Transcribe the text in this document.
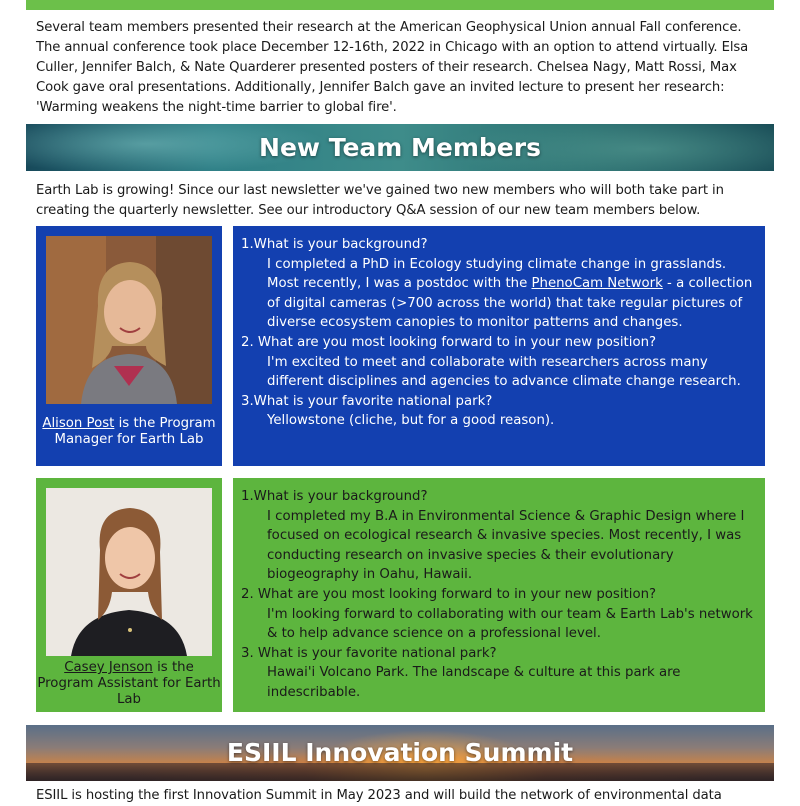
Several team members presented their research at the American Geophysical Union annual Fall conference. The annual conference took place December 12-16th, 2022 in Chicago with an option to attend virtually. Elsa Culler, Jennifer Balch, & Nate Quarderer presented posters of their research. Chelsea Nagy, Matt Rossi, Max Cook gave oral presentations. Additionally, Jennifer Balch gave an invited lecture to present her research: 'Warming weakens the night-time barrier to global fire'.
New Team Members
Earth Lab is growing! Since our last newsletter we've gained two new members who will both take part in creating the quarterly newsletter. See our introductory Q&A session of our new team members below.
Alison Post is the Program Manager for Earth Lab

1.What is your background?

I completed a PhD in Ecology studying climate change in grasslands. Most recently, I was a postdoc with the PhenoCam Network - a collection of digital cameras (>700 across the world) that take regular pictures of diverse ecosystem canopies to monitor patterns and changes.

2. What are you most looking forward to in your new position?

I'm excited to meet and collaborate with researchers across many different disciplines and agencies to advance climate change research.

3.What is your favorite national park?

Yellowstone (cliche, but for a good reason).

Casey Jenson is the Program Assistant for Earth Lab

1.What is your background?

I completed my B.A in Environmental Science & Graphic Design where I focused on ecological research & invasive species. Most recently, I was conducting research on invasive species & their evolutionary biogeography in Oahu, Hawaii.

2. What are you most looking forward to in your new position?

I'm looking forward to collaborating with our team & Earth Lab's network & to help advance science on a professional level.

3. What is your favorite national park?

Hawai'i Volcano Park. The landscape & culture at this park are indescribable.

ESIIL Innovation Summit
ESIIL is hosting the first Innovation Summit in May 2023 and will build the network of environmental data
